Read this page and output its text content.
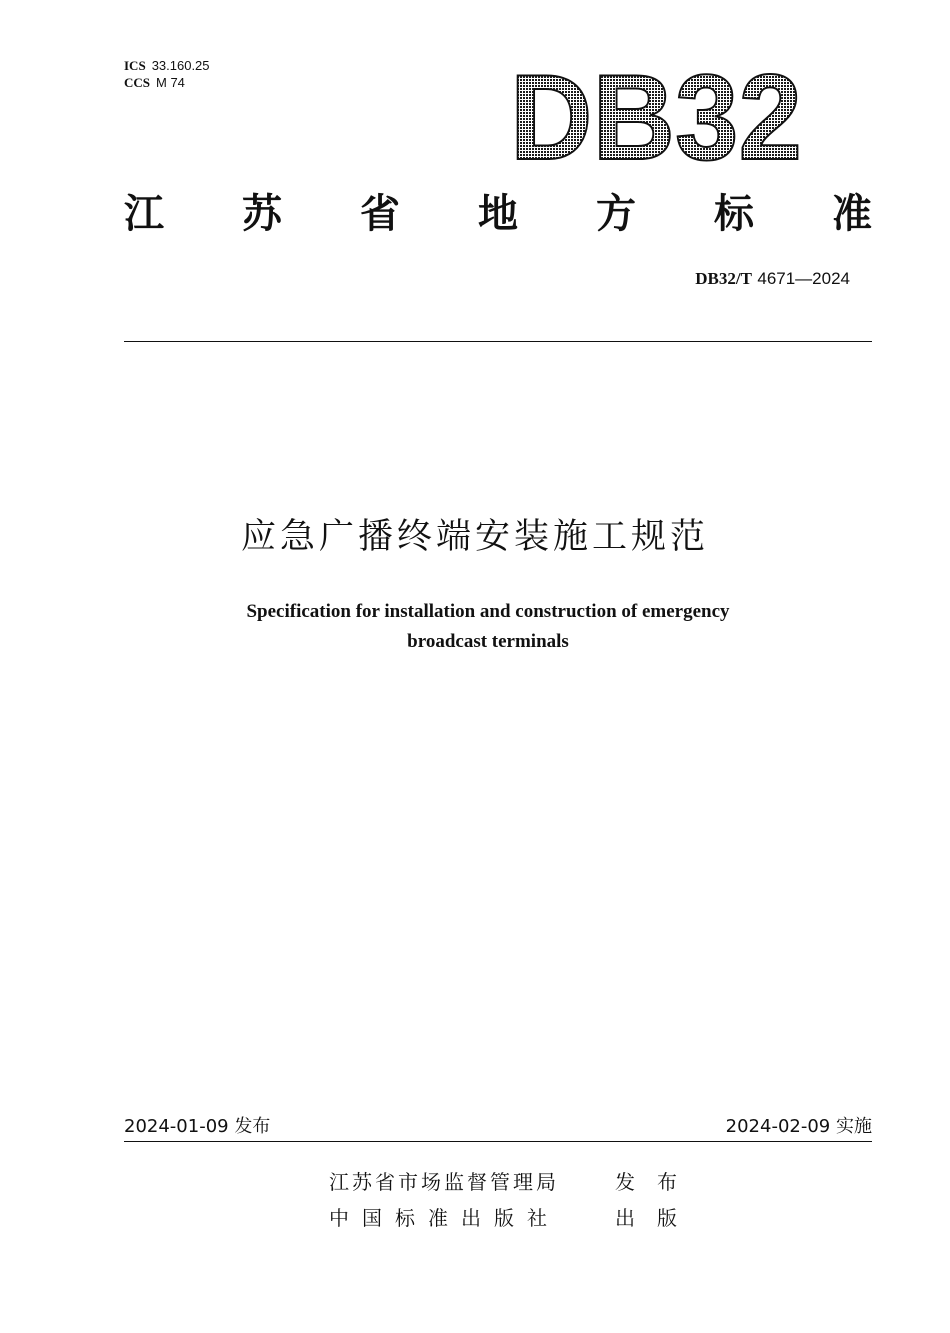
ICS 33.160.25
CCS M 74	DB32
江 苏 省 地 方 标 准
DB32/T 4671—2024
应急广播终端安装施工规范
Specification for installation and construction of emergency
broadcast terminals
2024-01-09 发布	2024-02-09 实施
江苏省市场监督管理局	发布
中国标准出版社	出版
